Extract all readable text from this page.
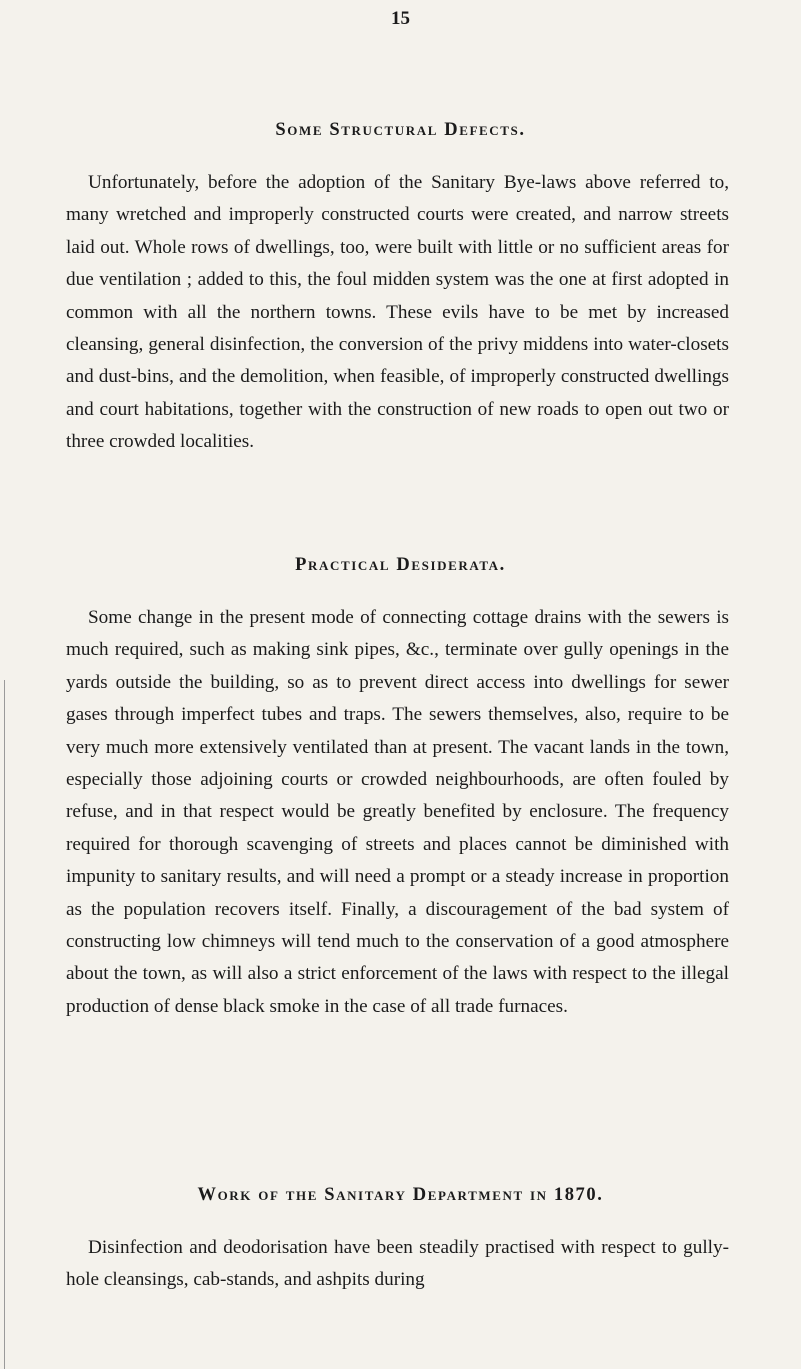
15
Some Structural Defects.

Unfortunately, before the adoption of the Sanitary Bye-laws above referred to, many wretched and improperly constructed courts were created, and narrow streets laid out. Whole rows of dwellings, too, were built with little or no sufficient areas for due ventilation ; added to this, the foul midden system was the one at first adopted in common with all the northern towns. These evils have to be met by increased cleansing, general disinfection, the conversion of the privy middens into water-closets and dust-bins, and the demolition, when feasible, of improperly constructed dwellings and court habitations, together with the construction of new roads to open out two or three crowded localities.

Practical Desiderata.

Some change in the present mode of connecting cottage drains with the sewers is much required, such as making sink pipes, &c., terminate over gully openings in the yards outside the building, so as to prevent direct access into dwellings for sewer gases through imperfect tubes and traps. The sewers themselves, also, require to be very much more extensively ventilated than at present. The vacant lands in the town, especially those adjoining courts or crowded neighbourhoods, are often fouled by refuse, and in that respect would be greatly benefited by enclosure. The frequency required for thorough scavenging of streets and places cannot be diminished with impunity to sanitary results, and will need a prompt or a steady increase in proportion as the population recovers itself. Finally, a discouragement of the bad system of constructing low chimneys will tend much to the conservation of a good atmosphere about the town, as will also a strict enforcement of the laws with respect to the illegal production of dense black smoke in the case of all trade furnaces.

Work of the Sanitary Department in 1870.

Disinfection and deodorisation have been steadily practised with respect to gully-hole cleansings, cab-stands, and ashpits during
